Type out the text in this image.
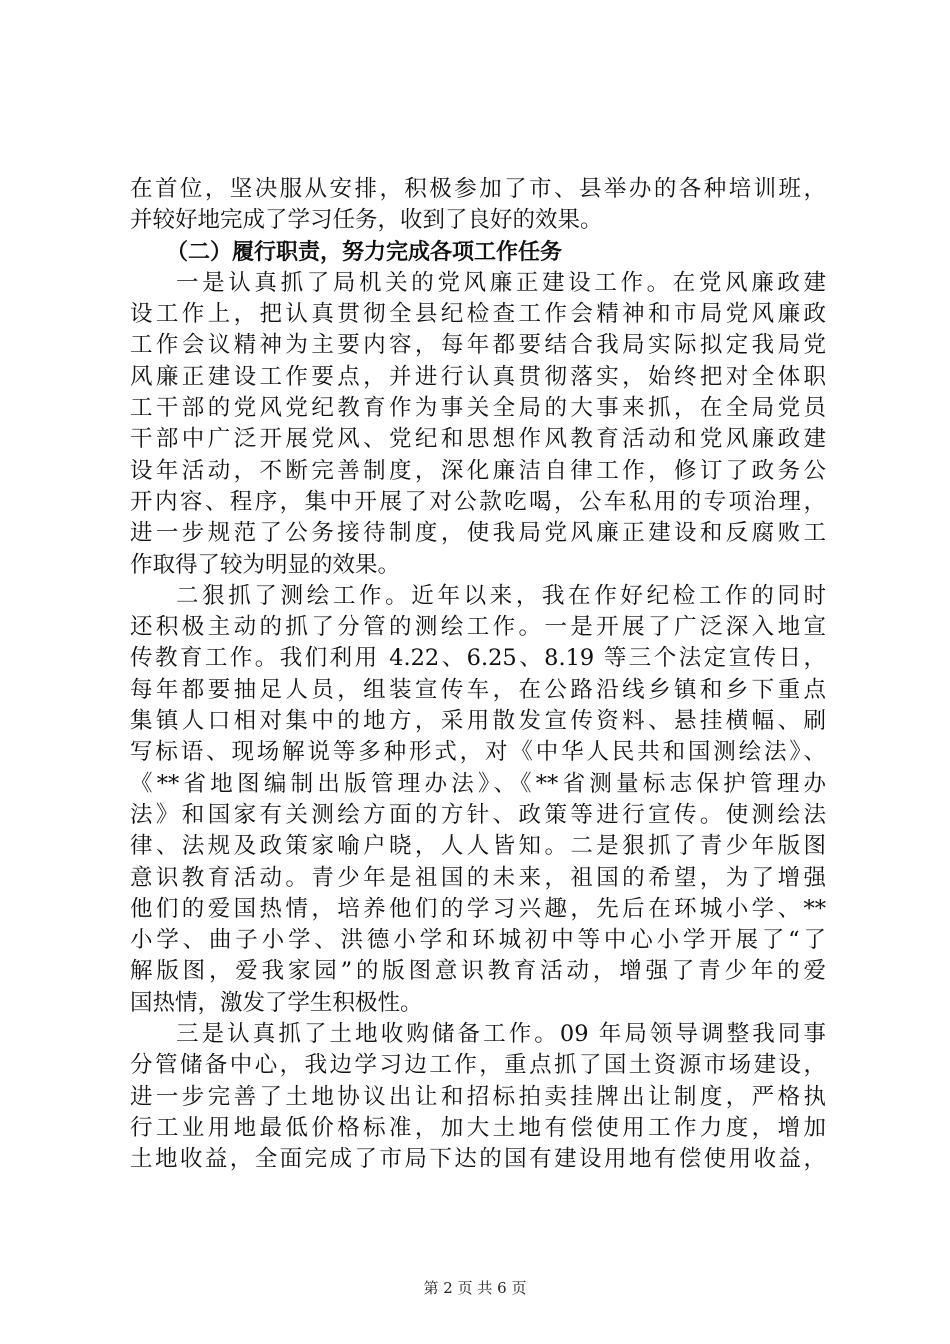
在首位，坚决服从安排，积极参加了市、县举办的各种培训班，
并较好地完成了学习任务，收到了良好的效果。
（二）履行职责，努力完成各项工作任务
一是认真抓了局机关的党风廉正建设工作。在党风廉政建
设工作上，把认真贯彻全县纪检查工作会精神和市局党风廉政
工作会议精神为主要内容，每年都要结合我局实际拟定我局党
风廉正建设工作要点，并进行认真贯彻落实，始终把对全体职
工干部的党风党纪教育作为事关全局的大事来抓，在全局党员
干部中广泛开展党风、党纪和思想作风教育活动和党风廉政建
设年活动，不断完善制度，深化廉洁自律工作，修订了政务公
开内容、程序，集中开展了对公款吃喝，公车私用的专项治理，
进一步规范了公务接待制度，使我局党风廉正建设和反腐败工
作取得了较为明显的效果。
二狠抓了测绘工作。近年以来，我在作好纪检工作的同时
还积极主动的抓了分管的测绘工作。一是开展了广泛深入地宣
传教育工作。我们利用 4.22、6.25、8.19 等三个法定宣传日，
每年都要抽足人员，组装宣传车，在公路沿线乡镇和乡下重点
集镇人口相对集中的地方，采用散发宣传资料、悬挂横幅、刷
写标语、现场解说等多种形式，对《中华人民共和国测绘法》、
《**省地图编制出版管理办法》、《**省测量标志保护管理办
法》和国家有关测绘方面的方针、政策等进行宣传。使测绘法
律、法规及政策家喻户晓，人人皆知。二是狠抓了青少年版图
意识教育活动。青少年是祖国的未来，祖国的希望，为了增强
他们的爱国热情，培养他们的学习兴趣，先后在环城小学、**
小学、曲子小学、洪德小学和环城初中等中心小学开展了“了
解版图，爱我家园”的版图意识教育活动，增强了青少年的爱
国热情，激发了学生积极性。
三是认真抓了土地收购储备工作。09 年局领导调整我同事
分管储备中心，我边学习边工作，重点抓了国土资源市场建设，
进一步完善了土地协议出让和招标拍卖挂牌出让制度，严格执
行工业用地最低价格标准，加大土地有偿使用工作力度，增加
土地收益，全面完成了市局下达的国有建设用地有偿使用收益，
第 2 页 共 6 页
